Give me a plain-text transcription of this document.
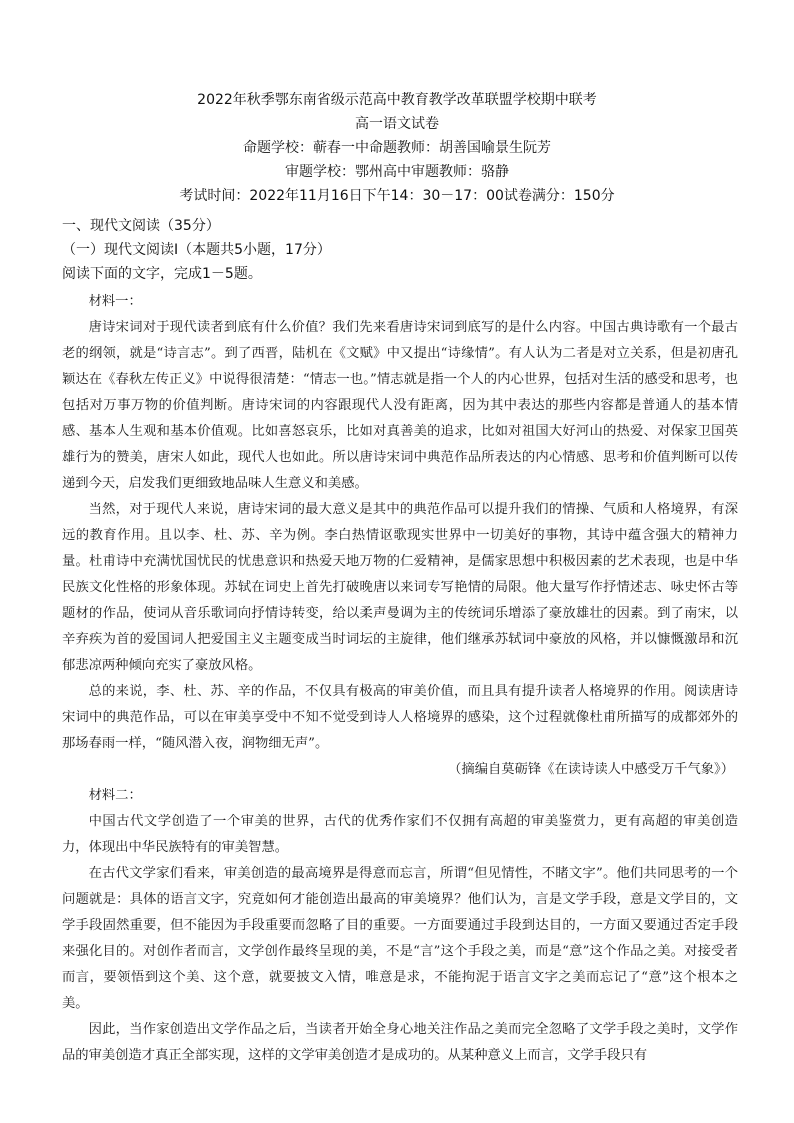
2022年秋季鄂东南省级示范高中教育教学改革联盟学校期中联考
高一语文试卷
命题学校：蕲春一中命题教师：胡善国喻景生阮芳
审题学校：鄂州高中审题教师：骆静
考试时间：2022年11月16日下午14：30－17：00试卷满分：150分
一、现代文阅读（35分）
（一）现代文阅读Ⅰ（本题共5小题，17分）
阅读下面的文字，完成1－5题。

材料一：

唐诗宋词对于现代读者到底有什么价值？我们先来看唐诗宋词到底写的是什么内容。中国古典诗歌有一个最古老的纲领，就是“诗言志”。到了西晋，陆机在《文赋》中又提出“诗缘情”。有人认为二者是对立关系，但是初唐孔颖达在《春秋左传正义》中说得很清楚：“情志一也。”情志就是指一个人的内心世界，包括对生活的感受和思考，也包括对万事万物的价值判断。唐诗宋词的内容跟现代人没有距离，因为其中表达的那些内容都是普通人的基本情感、基本人生观和基本价值观。比如喜怒哀乐，比如对真善美的追求，比如对祖国大好河山的热爱、对保家卫国英雄行为的赞美，唐宋人如此，现代人也如此。所以唐诗宋词中典范作品所表达的内心情感、思考和价值判断可以传递到今天，启发我们更细致地品味人生意义和美感。

当然，对于现代人来说，唐诗宋词的最大意义是其中的典范作品可以提升我们的情操、气质和人格境界，有深远的教育作用。且以李、杜、苏、辛为例。李白热情讴歌现实世界中一切美好的事物，其诗中蕴含强大的精神力量。杜甫诗中充满忧国忧民的忧患意识和热爱天地万物的仁爱精神，是儒家思想中积极因素的艺术表现，也是中华民族文化性格的形象体现。苏轼在词史上首先打破晚唐以来词专写艳情的局限。他大量写作抒情述志、咏史怀古等题材的作品，使词从音乐歌词向抒情诗转变，给以柔声曼调为主的传统词乐增添了豪放雄壮的因素。到了南宋，以辛弃疾为首的爱国词人把爱国主义主题变成当时词坛的主旋律，他们继承苏轼词中豪放的风格，并以慷慨激昂和沉郁悲凉两种倾向充实了豪放风格。

总的来说，李、杜、苏、辛的作品，不仅具有极高的审美价值，而且具有提升读者人格境界的作用。阅读唐诗宋词中的典范作品，可以在审美享受中不知不觉受到诗人人格境界的感染，这个过程就像杜甫所描写的成都郊外的那场春雨一样，“随风潜入夜，润物细无声”。

（摘编自莫砺锋《在读诗读人中感受万千气象》）

材料二：

中国古代文学创造了一个审美的世界，古代的优秀作家们不仅拥有高超的审美鉴赏力，更有高超的审美创造力，体现出中华民族特有的审美智慧。

在古代文学家们看来，审美创造的最高境界是得意而忘言，所谓“但见情性，不睹文字”。他们共同思考的一个问题就是：具体的语言文字，究竟如何才能创造出最高的审美境界？他们认为，言是文学手段，意是文学目的，文学手段固然重要，但不能因为手段重要而忽略了目的重要。一方面要通过手段到达目的，一方面又要通过否定手段来强化目的。对创作者而言，文学创作最终呈现的美，不是“言”这个手段之美，而是“意”这个作品之美。对接受者而言，要领悟到这个美、这个意，就要披文入情，唯意是求，不能拘泥于语言文字之美而忘记了“意”这个根本之美。

因此，当作家创造出文学作品之后，当读者开始全身心地关注作品之美而完全忽略了文学手段之美时，文学作品的审美创造才真正全部实现，这样的文学审美创造才是成功的。从某种意义上而言，文学手段只有
